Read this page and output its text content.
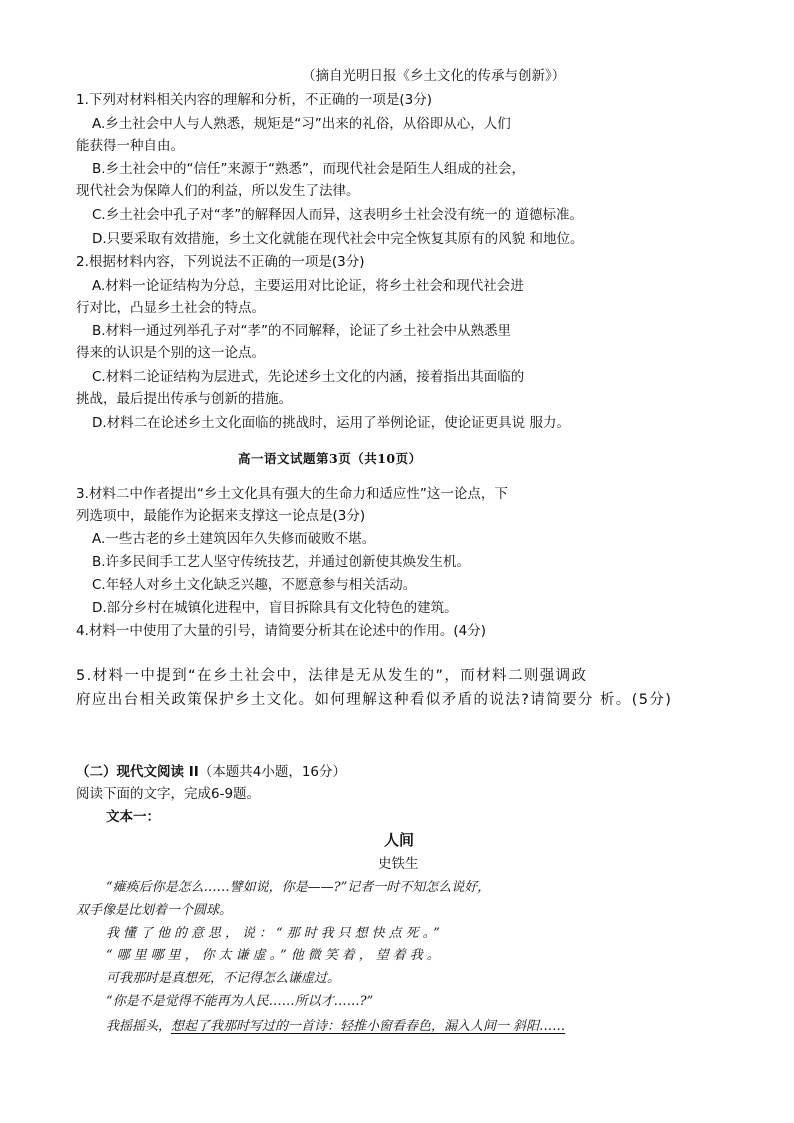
（摘自光明日报《乡土文化的传承与创新》）
1.下列对材料相关内容的理解和分析，不正确的一项是(3分)
A.乡土社会中人与人熟悉，规矩是“习”出来的礼俗，从俗即从心，人们
能获得一种自由。
B.乡土社会中的“信任”来源于“熟悉”，而现代社会是陌生人组成的社会，
现代社会为保障人们的利益，所以发生了法律。
C.乡土社会中孔子对“孝”的解释因人而异，这表明乡土社会没有统一的 道德标准。
D.只要采取有效措施，乡土文化就能在现代社会中完全恢复其原有的风貌 和地位。
2.根据材料内容，下列说法不正确的一项是(3分)
A.材料一论证结构为分总，主要运用对比论证，将乡土社会和现代社会进
行对比，凸显乡土社会的特点。
B.材料一通过列举孔子对“孝”的不同解释，论证了乡土社会中从熟悉里
得来的认识是个别的这一论点。
C.材料二论证结构为层进式，先论述乡土文化的内涵，接着指出其面临的
挑战，最后提出传承与创新的措施。
D.材料二在论述乡土文化面临的挑战时，运用了举例论证，使论证更具说 服力。
高一语文试题第3页（共10页）
3.材料二中作者提出“乡土文化具有强大的生命力和适应性”这一论点，下
列选项中，最能作为论据来支撑这一论点是(3分)
A.一些古老的乡土建筑因年久失修而破败不堪。
B.许多民间手工艺人坚守传统技艺，并通过创新使其焕发生机。
C.年轻人对乡土文化缺乏兴趣，不愿意参与相关活动。
D.部分乡村在城镇化进程中，盲目拆除具有文化特色的建筑。
4.材料一中使用了大量的引号，请简要分析其在论述中的作用。(4分)
5.材料一中提到“在乡土社会中，法律是无从发生的”，而材料二则强调政
府应出台相关政策保护乡土文化。如何理解这种看似矛盾的说法?请简要分 析。(5分)
（二）现代文阅读 II（本题共4小题，16分）
阅读下面的文字，完成6-9题。
文本一：
人间
史铁生
“瘫痪后你是怎么……譬如说，你是——?”记者一时不知怎么说好，
双手像是比划着一个圆球。
我懂了他的意思，说：“那时我只想快点死。”
“哪里哪里，你太谦虚。”他微笑着，望着我。
可我那时是真想死，不记得怎么谦虚过。
“你是不是觉得不能再为人民……所以才……?”
我摇摇头，想起了我那时写过的一首诗：轻推小窗看春色，漏入人间一 斜阳……
